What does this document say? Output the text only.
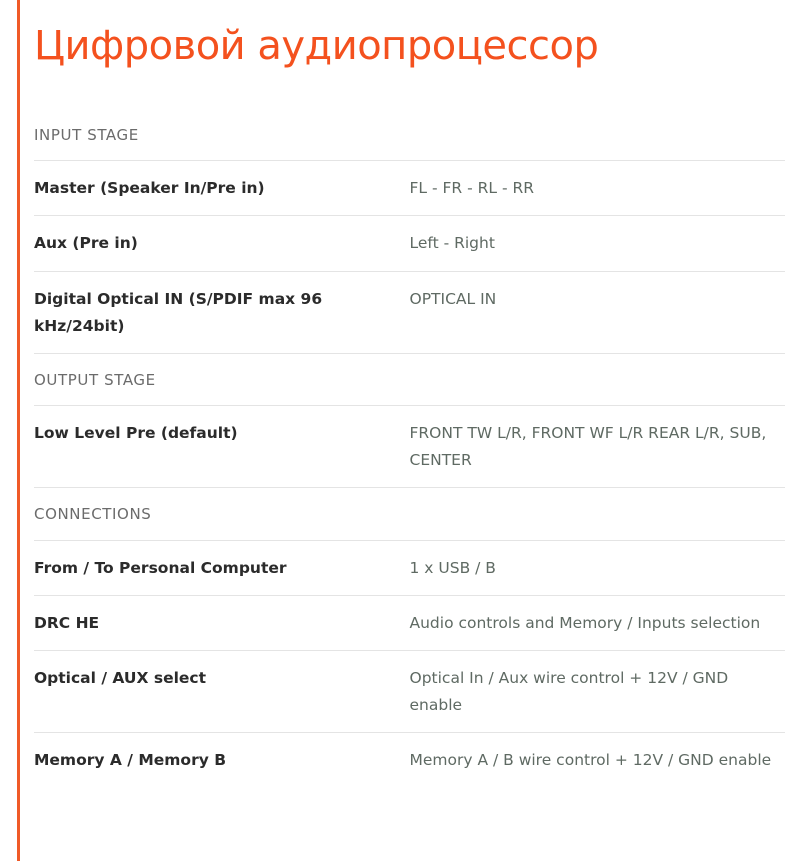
Цифровой аудиопроцессор
INPUT STAGE	
Master (Speaker In/Pre in)	FL - FR - RL - RR
Aux (Pre in)	Left - Right
Digital Optical IN (S/PDIF max 96 kHz/24bit)	OPTICAL IN
OUTPUT STAGE	
Low Level Pre (default)	FRONT TW L/R, FRONT WF L/R REAR L/R, SUB, CENTER
CONNECTIONS	
From / To Personal Computer	1 x USB / B
DRC HE	Audio controls and Memory / Inputs selection
Optical / AUX select	Optical In / Aux wire control + 12V / GND enable
Memory A / Memory B	Memory A / B wire control + 12V / GND enable
